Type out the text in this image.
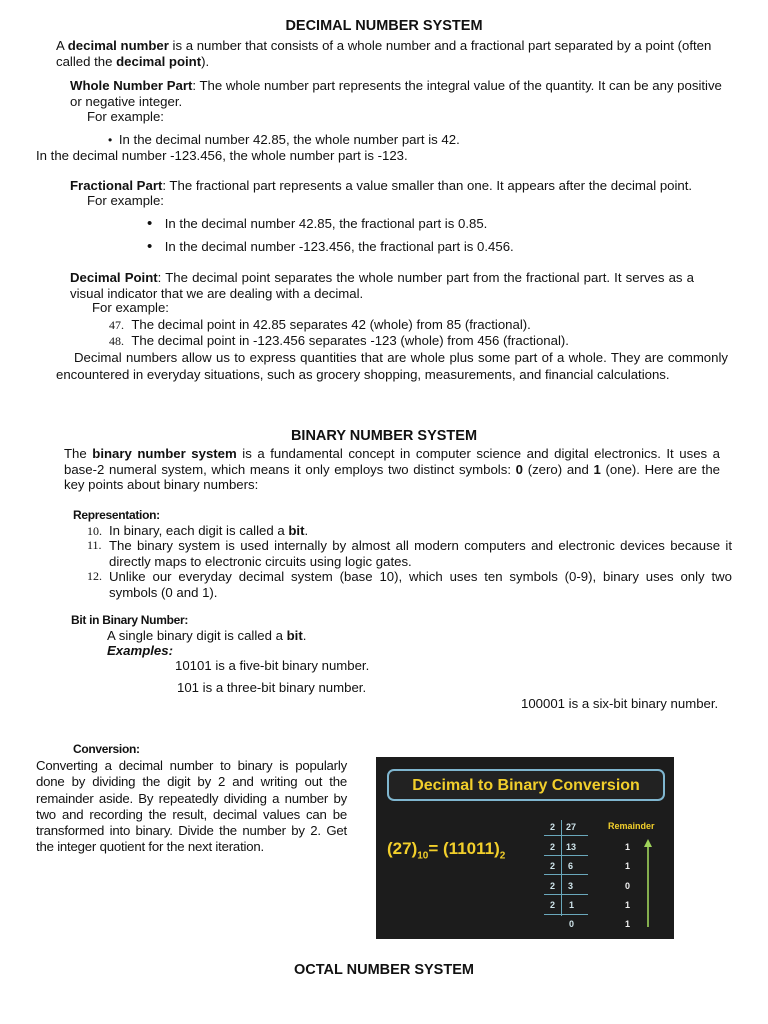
DECIMAL NUMBER SYSTEM

A decimal number is a number that consists of a whole number and a fractional part separated by a point (often called the decimal point).

Whole Number Part: The whole number part represents the integral value of the quantity. It can be any positive or negative integer.

For example:
•  In the decimal number 42.85, the whole number part is 42.
In the decimal number -123.456, the whole number part is -123.

Fractional Part: The fractional part represents a value smaller than one. It appears after the decimal point.

For example:
•   In the decimal number 42.85, the fractional part is 0.85.
•   In the decimal number -123.456, the fractional part is 0.456.

Decimal Point: The decimal point separates the whole number part from the fractional part. It serves as a visual indicator that we are dealing with a decimal.

For example:
47. The decimal point in 42.85 separates 42 (whole) from 85 (fractional).
48. The decimal point in -123.456 separates -123 (whole) from 456 (fractional).

Decimal numbers allow us to express quantities that are whole plus some part of a whole. They are commonly encountered in everyday situations, such as grocery shopping, measurements, and financial calculations.

BINARY NUMBER SYSTEM

The binary number system is a fundamental concept in computer science and digital electronics. It uses a base-2 numeral system, which means it only employs two distinct symbols: 0 (zero) and 1 (one). Here are the key points about binary numbers:

Representation:
10. In binary, each digit is called a bit.
11. The binary system is used internally by almost all modern computers and electronic devices because it directly maps to electronic circuits using logic gates.
12. Unlike our everyday decimal system (base 10), which uses ten symbols (0-9), binary uses only two symbols (0 and 1).
Bit in Binary Number:
A single binary digit is called a bit.
Examples:
10101 is a five-bit binary number.
101 is a three-bit binary number.
100001 is a six-bit binary number.
Conversion:

Converting a decimal number to binary is popularly done by dividing the digit by 2 and writing out the remainder aside. By repeatedly dividing a number by two and recording the result, decimal values can be transformed into binary. Divide the number by 2. Get the integer quotient for the next iteration.

Decimal to Binary Conversion
$(27)_{10}= (11011)_2$
Remainder
2 27
2 13
2 6
2 3
2 1
0
1
1
0
1
1
OCTAL NUMBER SYSTEM
